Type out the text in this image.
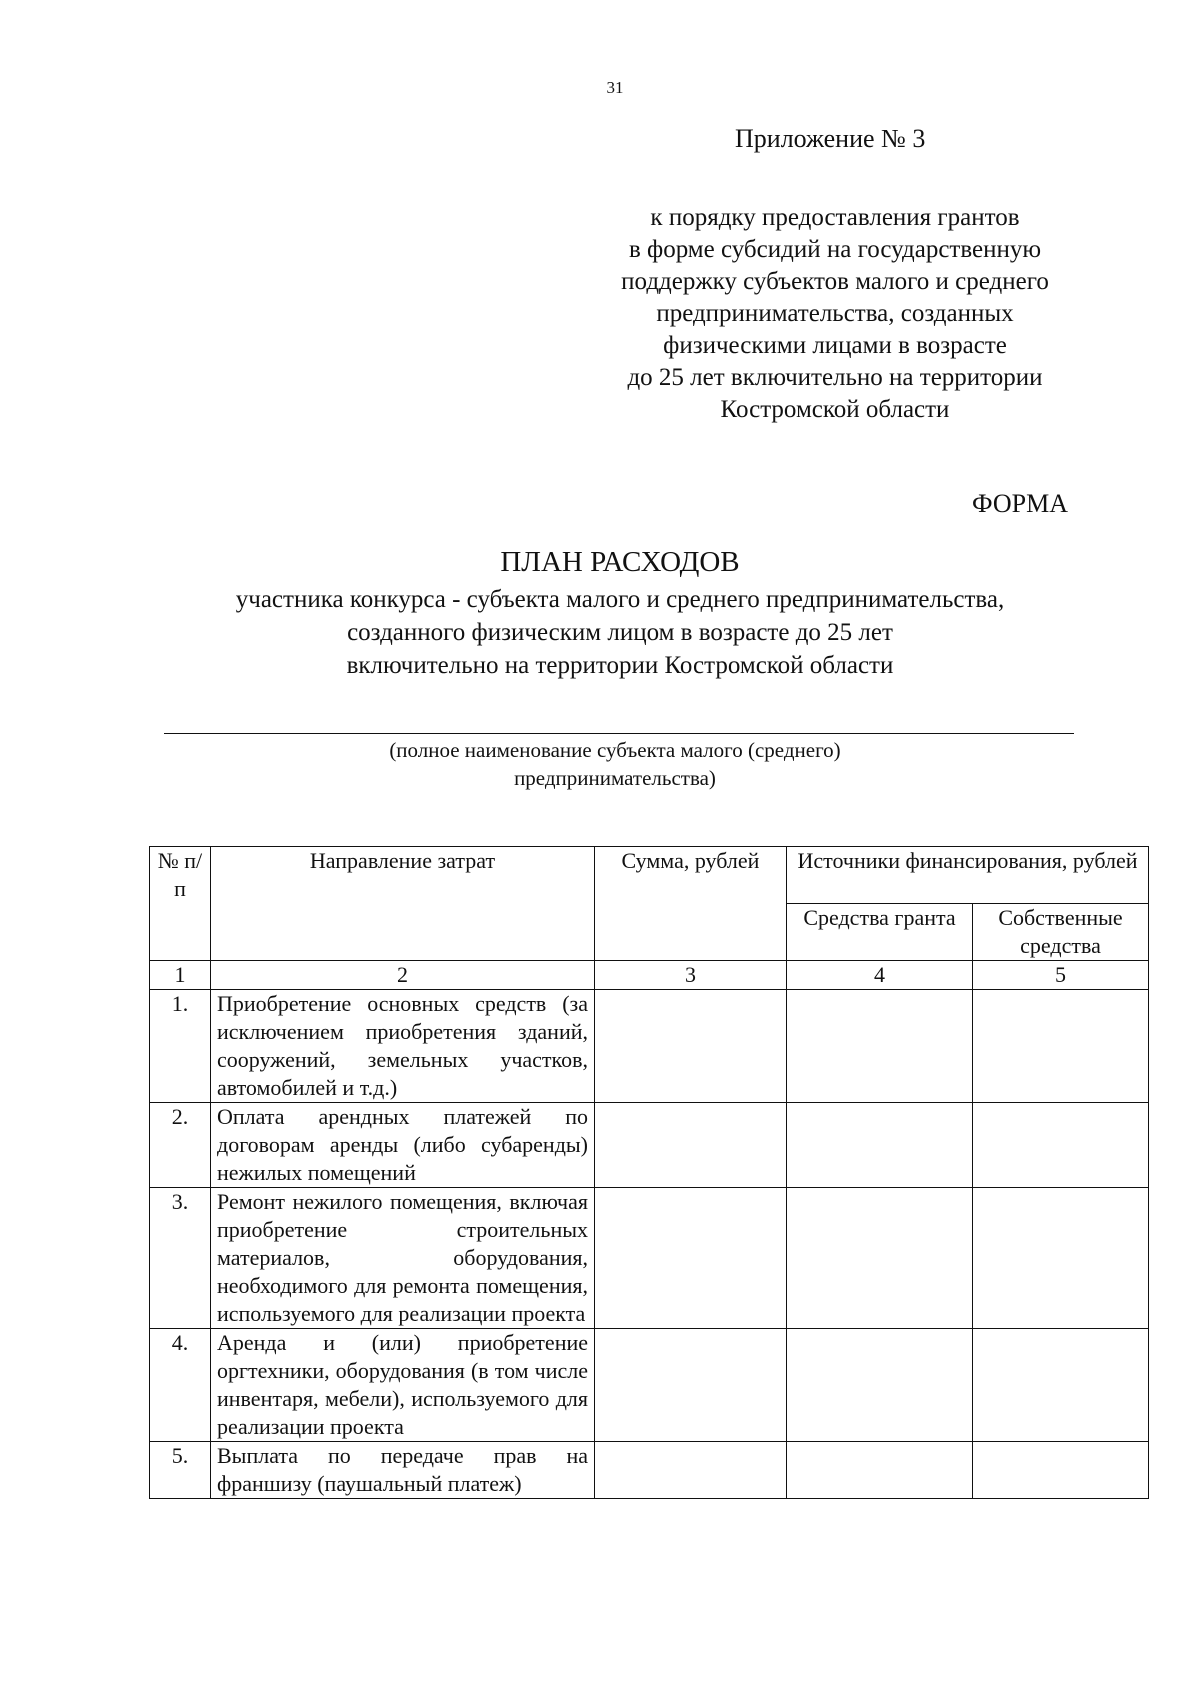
31
Приложение № 3
к порядку предоставления грантов
в форме субсидий на государственную
поддержку субъектов малого и среднего
предпринимательства, созданных
физическими лицами в возрасте
до 25 лет включительно на территории
Костромской области
ФОРМА
ПЛАН РАСХОДОВ
участника конкурса - субъекта малого и среднего предпринимательства,
созданного физическим лицом в возрасте до 25 лет
включительно на территории Костромской области
(полное наименование субъекта малого (среднего)
предпринимательства)
№ п/п	Направление затрат	Сумма, рублей	Источники финансирования, рублей	
			Средства гранта	Собственные средства
1	2	3	4	5
1.	Приобретение основных средств (за исключением приобретения зданий, сооружений, земельных участков, автомобилей и т.д.)			
2.	Оплата арендных платежей по договорам аренды (либо субаренды) нежилых помещений			
3.	Ремонт нежилого помещения, включая приобретение строительных материалов, оборудования, необходимого для ремонта помещения, используемого для реализации проекта			
4.	Аренда и (или) приобретение оргтехники, оборудования (в том числе инвентаря, мебели), используемого для реализации проекта			
5.	Выплата по передаче прав на франшизу (паушальный платеж)			
